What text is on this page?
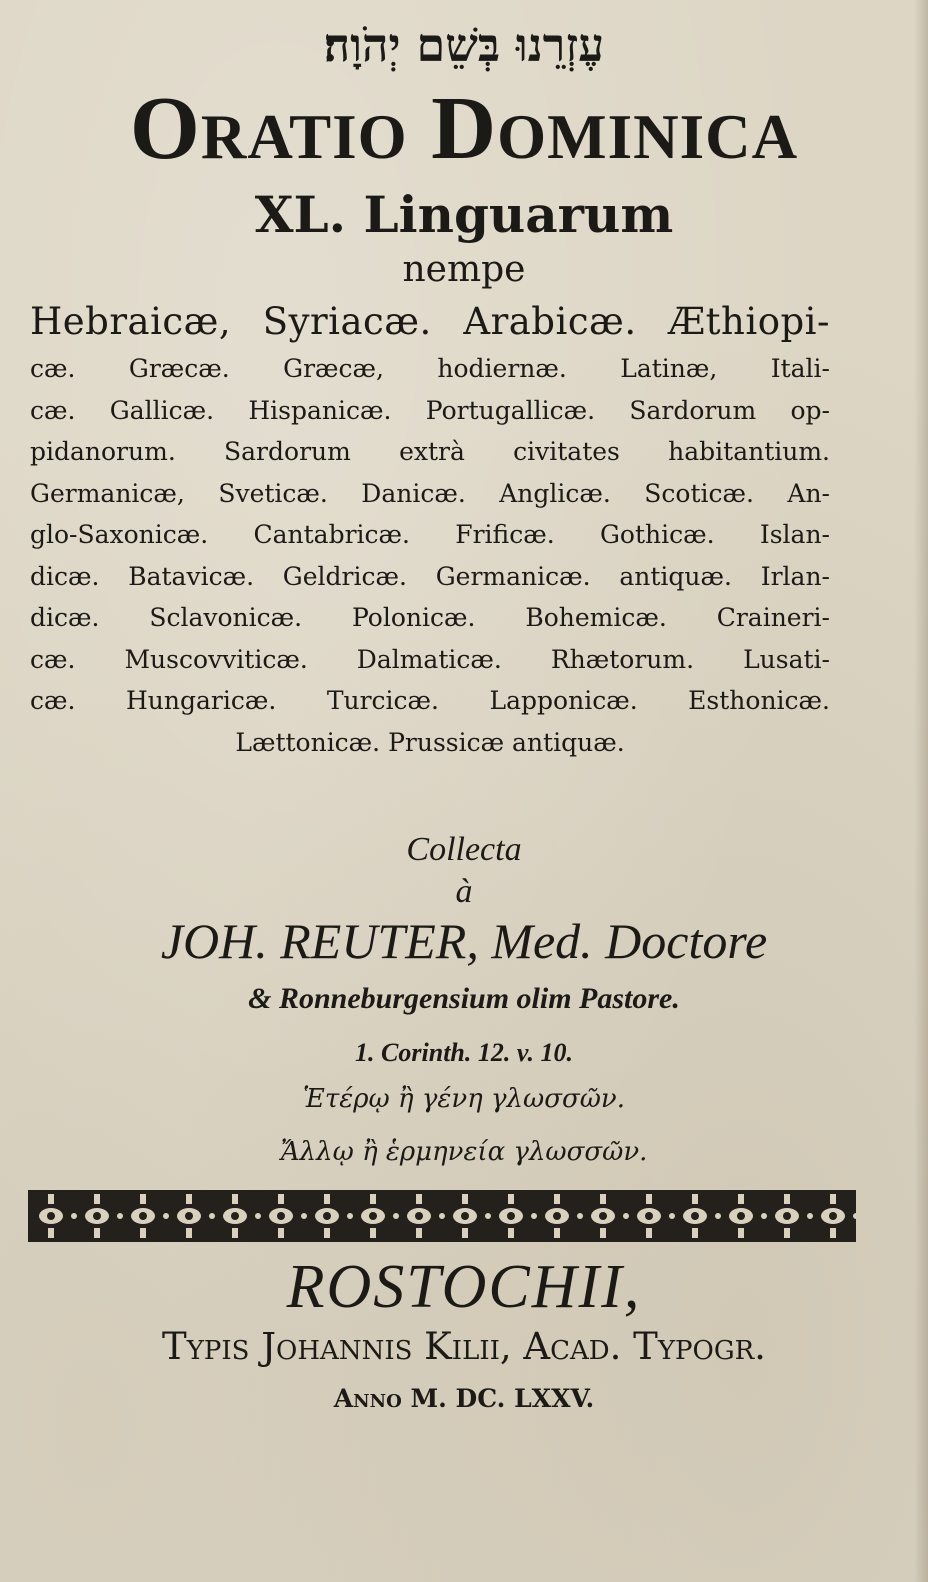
עֶזְרֵנוּ בְּשֵׁם יְהֹוָה׃
Oratio Dominica
XL. Linguarum
nempe
Hebraicæ, Syriacæ. Arabicæ. Æthiopi-
cæ. Græcæ. Græcæ, hodiernæ. Latinæ, Itali-
cæ. Gallicæ. Hispanicæ. Portugallicæ. Sardorum op-
pidanorum. Sardorum extrà civitates habitantium.
Germanicæ, Sveticæ. Danicæ. Anglicæ. Scoticæ. An-
glo-Saxonicæ. Cantabricæ. Frificæ. Gothicæ. Islan-
dicæ. Batavicæ. Geldricæ. Germanicæ. antiquæ. Irlan-
dicæ. Sclavonicæ. Polonicæ. Bohemicæ. Craineri-
cæ. Muscovviticæ. Dalmaticæ. Rhætorum. Lusati-
cæ. Hungaricæ. Turcicæ. Lapponicæ. Esthonicæ.
Lættonicæ. Prussicæ antiquæ.
Collecta
à
JOH. REUTER, Med. Doctore
& Ronneburgensium olim Pastore.
1. Corinth. 12. v. 10.
Ἑτέρῳ ἢ γένη γλωσσῶν.
Ἄλλῳ ἢ ἑρμηνεία γλωσσῶν.
ROSTOCHII,
Typis Johannis Kilii, Acad. Typogr.
Anno M. DC. LXXV.
